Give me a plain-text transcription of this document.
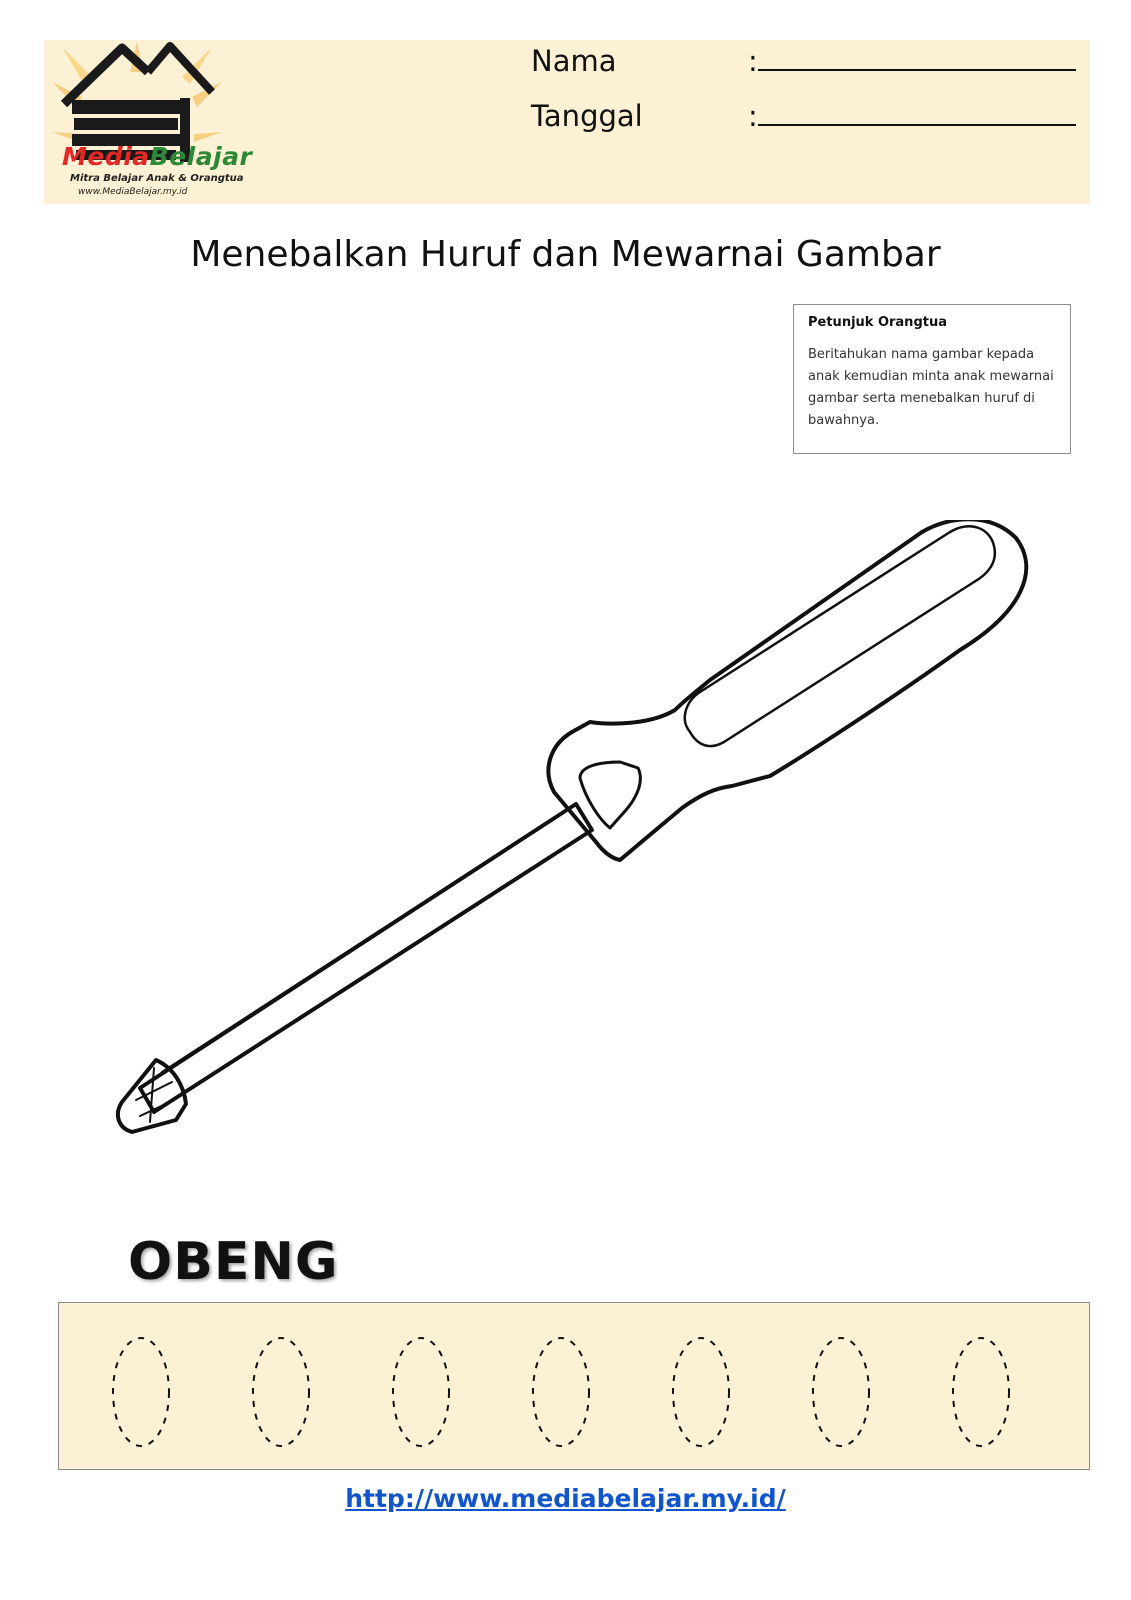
MediaBelajar
Mitra Belajar Anak & Orangtua
www.MediaBelajar.my.id
Nama	:
Tanggal	:
Menebalkan Huruf dan Mewarnai Gambar
Petunjuk Orangtua
Beritahukan nama gambar kepada anak kemudian minta anak mewarnai gambar serta menebalkan huruf di bawahnya.
OBENG
http://www.mediabelajar.my.id/
